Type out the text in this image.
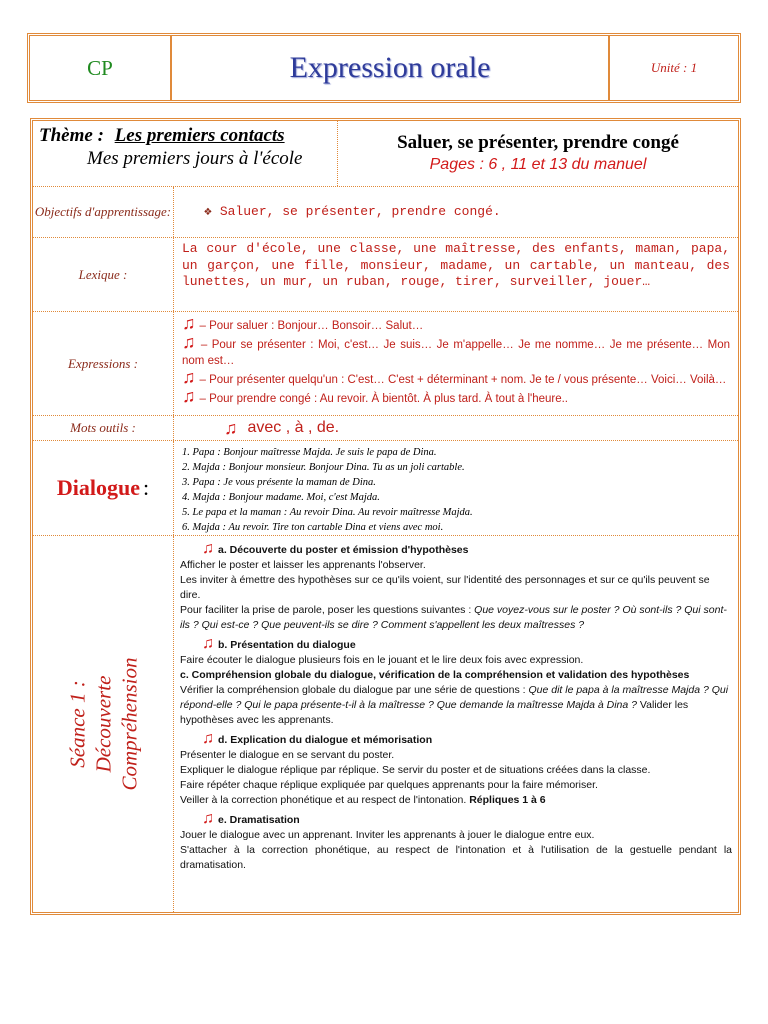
CP	Expression orale	Unité : 1
Thème : Les premiers contacts
Mes premiers jours à l'école
Saluer, se présenter, prendre congé
Pages : 6 , 11 et 13 du manuel
Objectifs d'apprentissage:	❖ Saluer, se présenter, prendre congé.
Lexique :
La cour d'école, une classe, une maîtresse, des enfants, maman, papa, un garçon, une fille, monsieur, madame, un cartable, un manteau, des lunettes, un mur, un ruban, rouge, tirer, surveiller, jouer…
Expressions :
♫ – Pour saluer : Bonjour… Bonsoir… Salut…
♫ – Pour se présenter : Moi, c'est… Je suis… Je m'appelle… Je me nomme… Je me présente… Mon nom est…
♫ – Pour présenter quelqu'un : C'est… C'est + déterminant + nom. Je te / vous présente… Voici… Voilà…
♫ – Pour prendre congé : Au revoir. À bientôt. À plus tard. À tout à l'heure..
Mots outils :	♫ avec , à , de.
Dialogue :
1. Papa : Bonjour maîtresse Majda. Je suis le papa de Dina.
2. Majda : Bonjour monsieur. Bonjour Dina. Tu as un joli cartable.
3. Papa : Je vous présente la maman de Dina.
4. Majda : Bonjour madame. Moi, c'est Majda.
5. Le papa et la maman : Au revoir Dina. Au revoir maîtresse Majda.
6. Majda : Au revoir. Tire ton cartable Dina et viens avec moi.
Séance 1 : Découverte Compréhension

♫ a. Découverte du poster et émission d'hypothèses

Afficher le poster et laisser les apprenants l'observer.

Les inviter à émettre des hypothèses sur ce qu'ils voient, sur l'identité des personnages et sur ce qu'ils peuvent se dire.

Pour faciliter la prise de parole, poser les questions suivantes : Que voyez-vous sur le poster ? Où sont-ils ? Qui sont-ils ? Qui est-ce ? Que peuvent-ils se dire ? Comment s'appellent les deux maîtresses ?

♫ b. Présentation du dialogue

Faire écouter le dialogue plusieurs fois en le jouant et le lire deux fois avec expression.

c. Compréhension globale du dialogue, vérification de la compréhension et validation des hypothèses

Vérifier la compréhension globale du dialogue par une série de questions : Que dit le papa à la maîtresse Majda ? Qui répond-elle ? Qui le papa présente-t-il à la maîtresse ? Que demande la maîtresse Majda à Dina ? Valider les hypothèses avec les apprenants.

♫ d. Explication du dialogue et mémorisation

Présenter le dialogue en se servant du poster.

Expliquer le dialogue réplique par réplique. Se servir du poster et de situations créées dans la classe.

Faire répéter chaque réplique expliquée par quelques apprenants pour la faire mémoriser.

Veiller à la correction phonétique et au respect de l'intonation. Répliques 1 à 6

♫ e. Dramatisation

Jouer le dialogue avec un apprenant. Inviter les apprenants à jouer le dialogue entre eux.

S'attacher à la correction phonétique, au respect de l'intonation et à l'utilisation de la gestuelle pendant la dramatisation.
